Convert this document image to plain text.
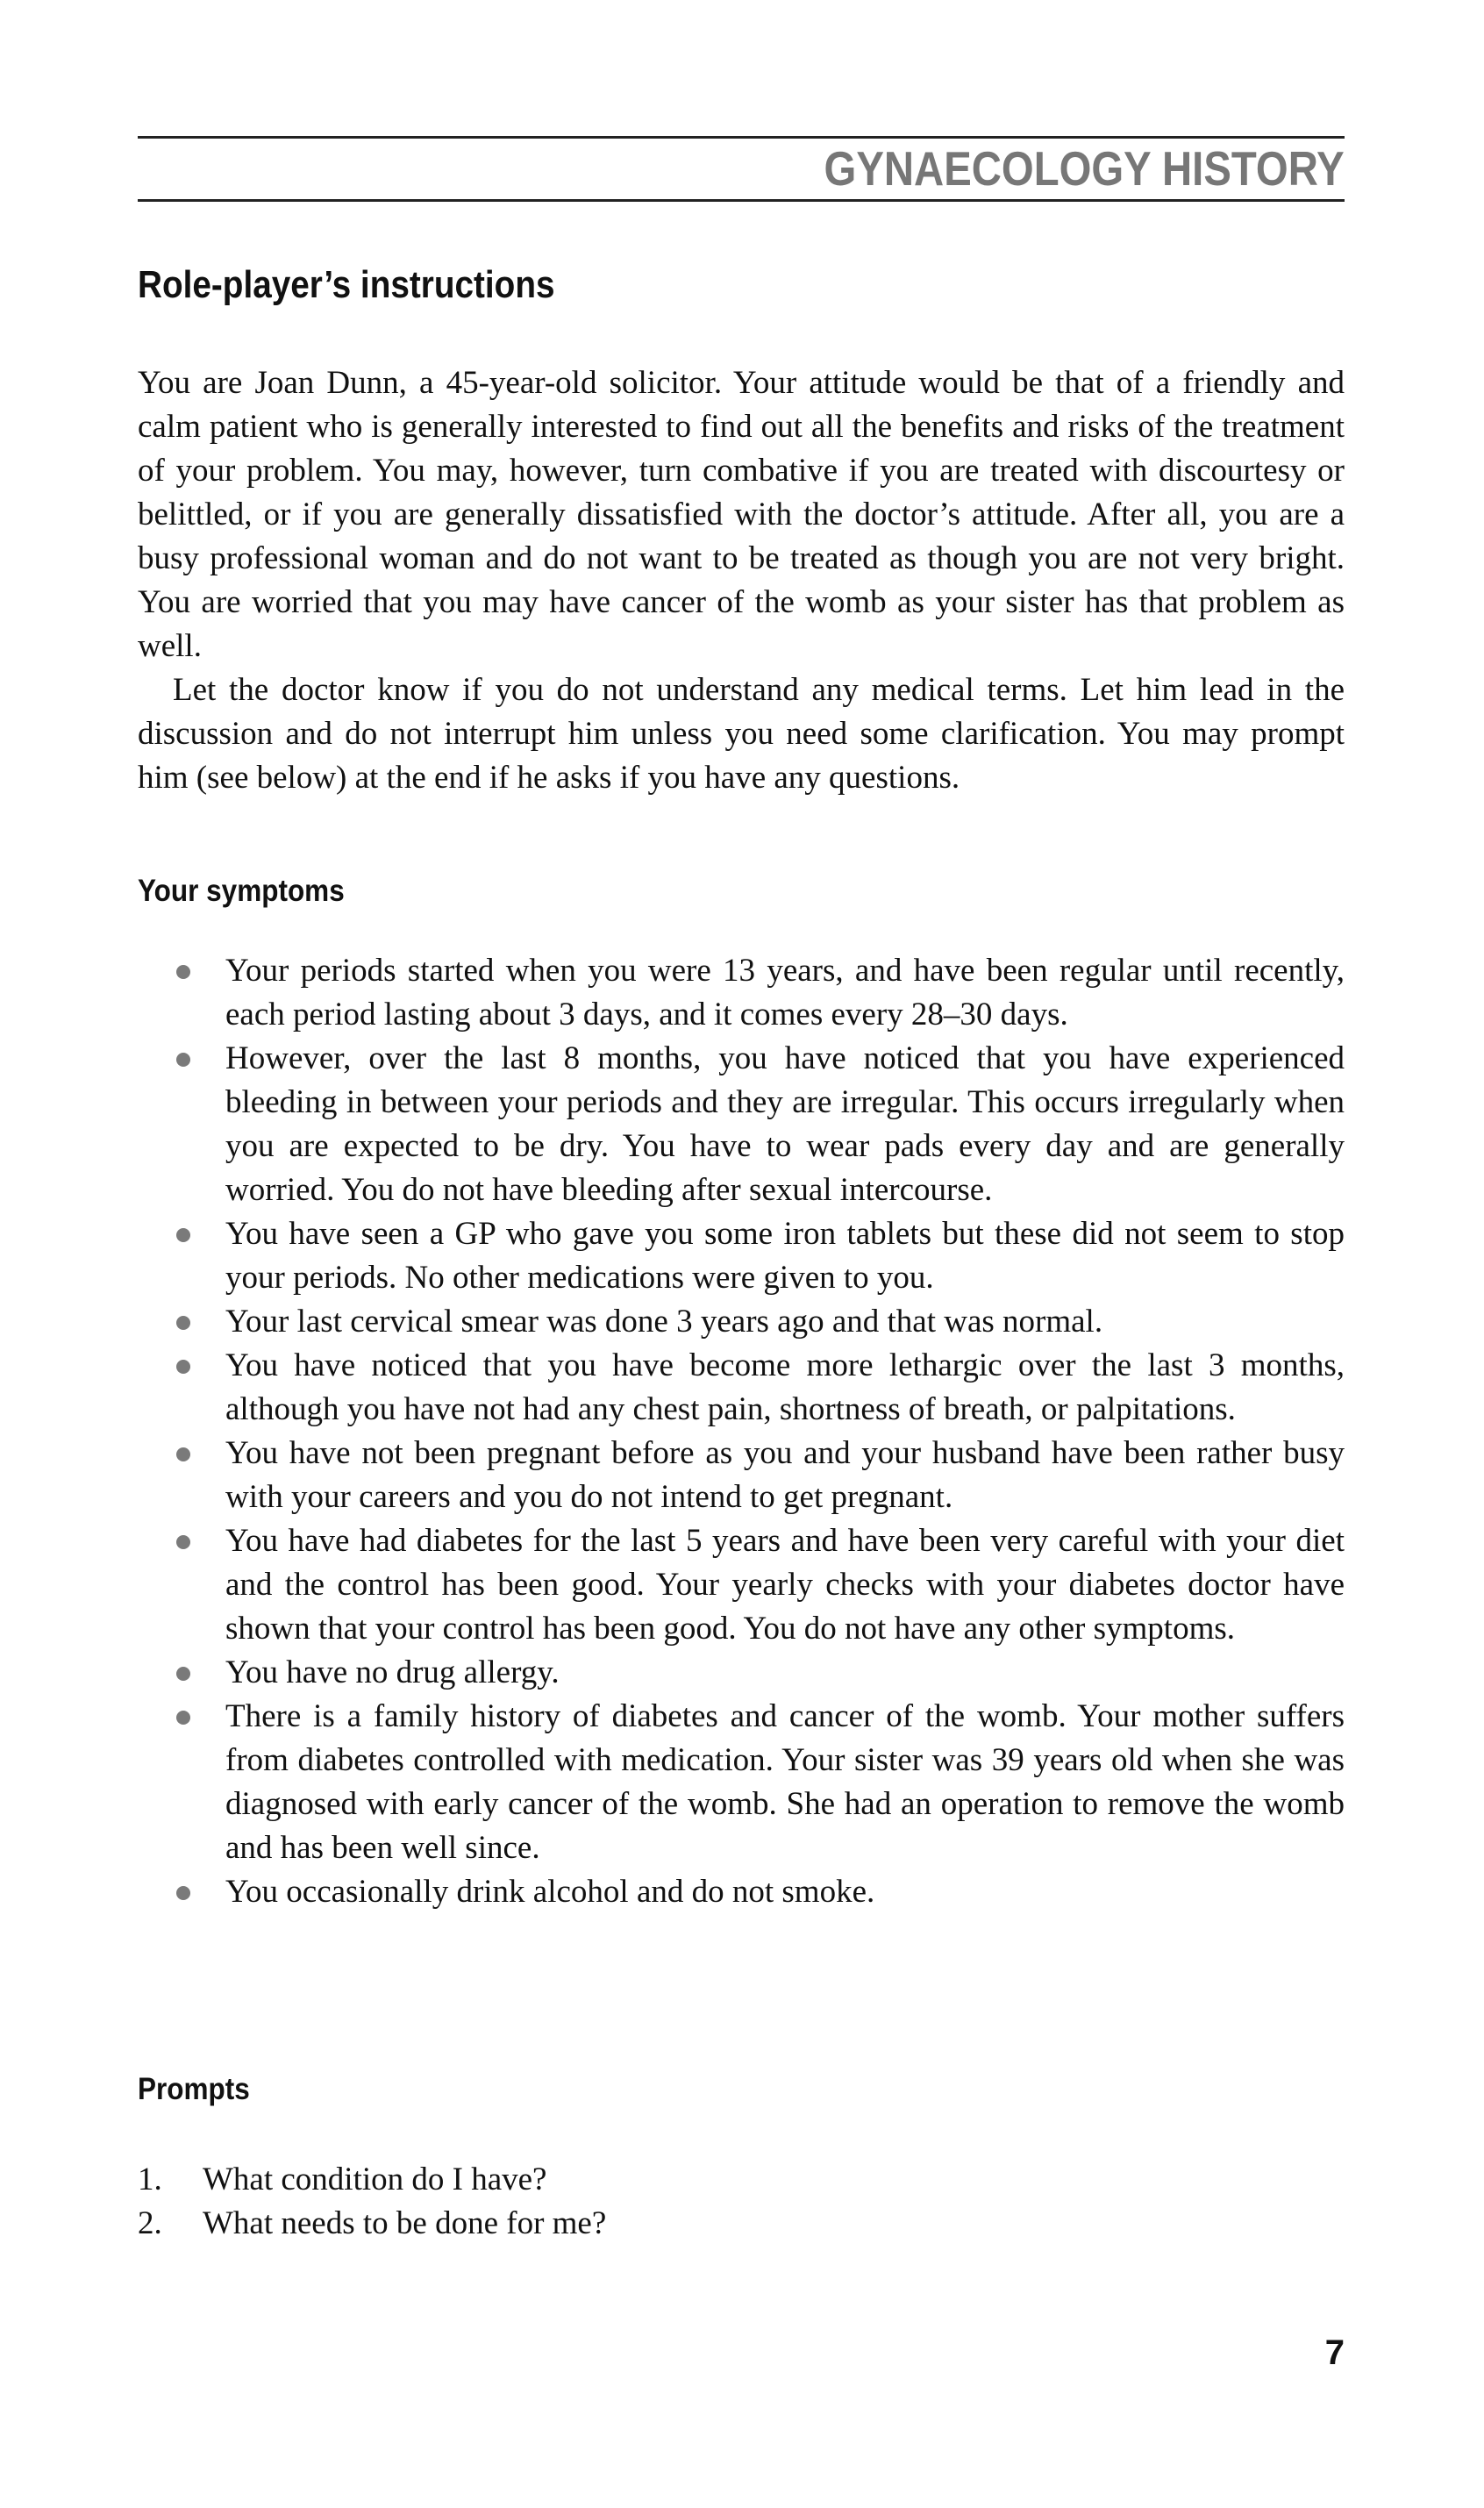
GYNAECOLOGY HISTORY
Role-player’s instructions

You are Joan Dunn, a 45-year-old solicitor. Your attitude would be that of a friendly and calm patient who is generally interested to find out all the benefits and risks of the treatment of your problem. You may, however, turn combative if you are treated with discourtesy or belittled, or if you are generally dissatisfied with the doctor’s attitude. After all, you are a busy professional woman and do not want to be treated as though you are not very bright. You are worried that you may have cancer of the womb as your sister has that problem as well.

Let the doctor know if you do not understand any medical terms. Let him lead in the discussion and do not interrupt him unless you need some clarification. You may prompt him (see below) at the end if he asks if you have any questions.

Your symptoms
Your periods started when you were 13 years, and have been regular until recently, each period lasting about 3 days, and it comes every 28–30 days.
However, over the last 8 months, you have noticed that you have experienced bleeding in between your periods and they are irregular. This occurs irregularly when you are expected to be dry. You have to wear pads every day and are generally worried. You do not have bleeding after sexual intercourse.
You have seen a GP who gave you some iron tablets but these did not seem to stop your periods. No other medications were given to you.
Your last cervical smear was done 3 years ago and that was normal.
You have noticed that you have become more lethargic over the last 3 months, although you have not had any chest pain, shortness of breath, or palpitations.
You have not been pregnant before as you and your husband have been rather busy with your careers and you do not intend to get pregnant.
You have had diabetes for the last 5 years and have been very careful with your diet and the control has been good. Your yearly checks with your diabetes doctor have shown that your control has been good. You do not have any other symptoms.
You have no drug allergy.
There is a family history of diabetes and cancer of the womb. Your mother suffers from diabetes controlled with medication. Your sister was 39 years old when she was diagnosed with early cancer of the womb. She had an operation to remove the womb and has been well since.
You occasionally drink alcohol and do not smoke.
Prompts
1. What condition do I have?
2. What needs to be done for me?
7
